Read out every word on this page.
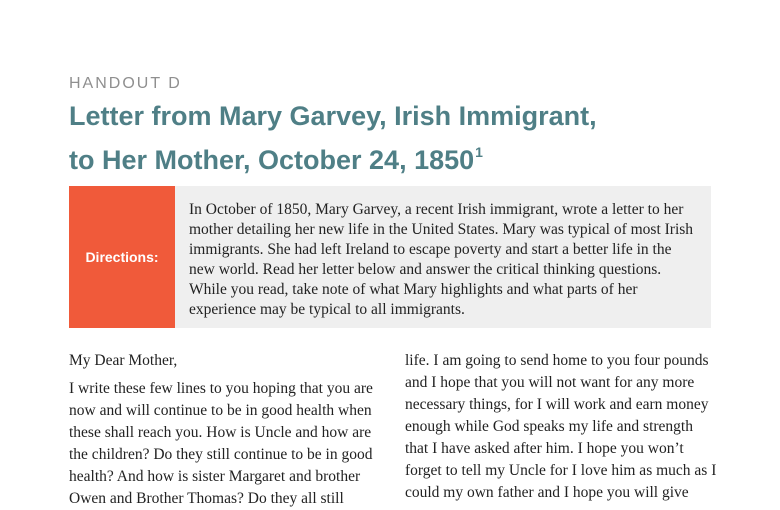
HANDOUT D
Letter from Mary Garvey, Irish Immigrant,
to Her Mother, October 24, 1850$^1$
Directions:
In October of 1850, Mary Garvey, a recent Irish immigrant, wrote a letter to her mother detailing her new life in the United States. Mary was typical of most Irish immigrants. She had left Ireland to escape poverty and start a better life in the new world. Read her letter below and answer the critical thinking questions. While you read, take note of what Mary highlights and what parts of her experience may be typical to all immigrants.

My Dear Mother,

I write these few lines to you hoping that you are now and will continue to be in good health when these shall reach you. How is Uncle and how are the children? Do they still continue to be in good health? And how is sister Margaret and brother Owen and Brother Thomas? Do they all still

life. I am going to send home to you four pounds and I hope that you will not want for any more necessary things, for I will work and earn money enough while God speaks my life and strength that I have asked after him. I hope you won’t forget to tell my Uncle for I love him as much as I could my own father and I hope you will give
